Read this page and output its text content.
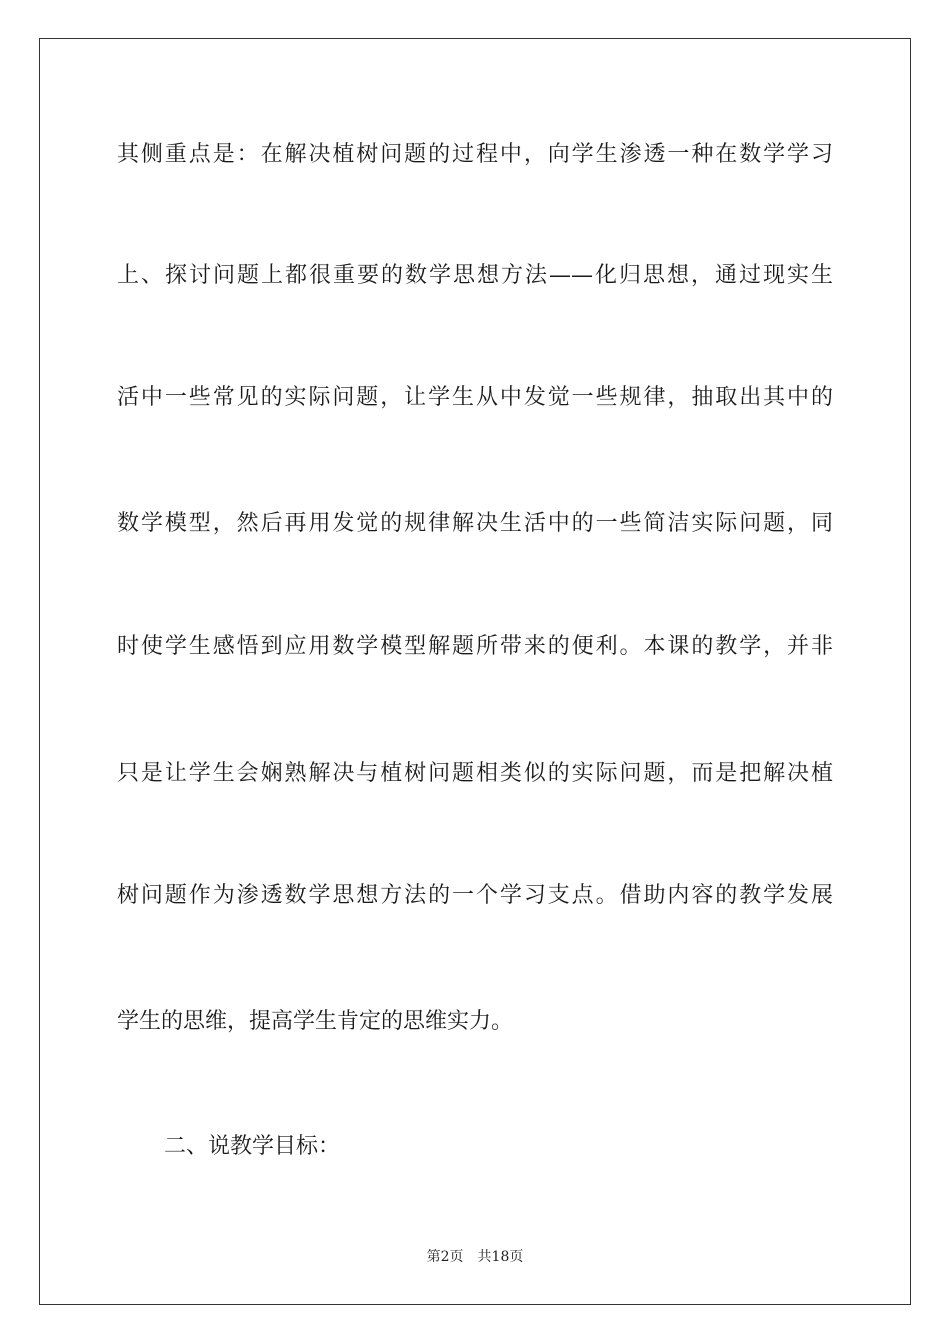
其侧重点是：在解决植树问题的过程中，向学生渗透一种在数学学习
上、探讨问题上都很重要的数学思想方法——化归思想，通过现实生
活中一些常见的实际问题，让学生从中发觉一些规律，抽取出其中的
数学模型，然后再用发觉的规律解决生活中的一些简洁实际问题，同
时使学生感悟到应用数学模型解题所带来的便利。本课的教学，并非
只是让学生会娴熟解决与植树问题相类似的实际问题，而是把解决植
树问题作为渗透数学思想方法的一个学习支点。借助内容的教学发展
学生的思维，提高学生肯定的思维实力。
二、说教学目标：
第2页 共18页
